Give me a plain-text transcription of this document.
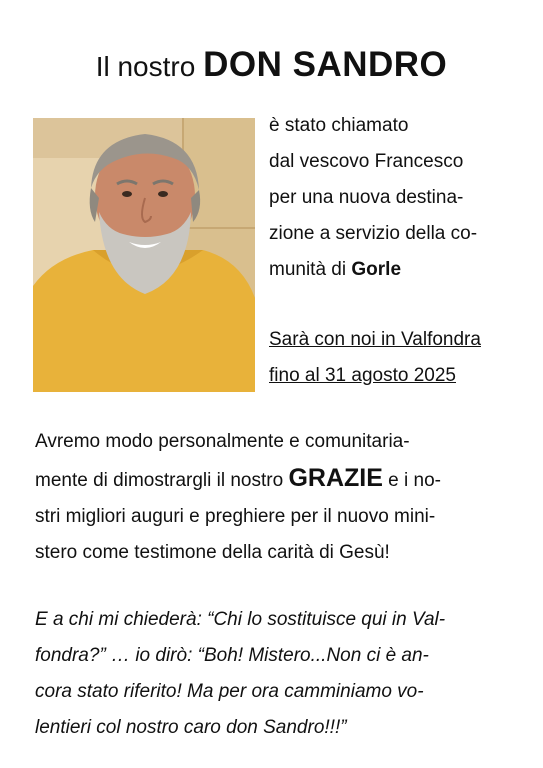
Il nostro DON SANDRO
è stato chiamato
dal vescovo Francesco
per una nuova destina-
zione a servizio della co-
munità di Gorle
Sarà con noi in Valfondra
fino al 31 agosto 2025
Avremo modo personalmente e comunitaria-
mente di dimostrargli il nostro GRAZIE e i no-
stri migliori auguri e preghiere per il nuovo mini-
stero come testimone della carità di Gesù!
E a chi mi chiederà: “Chi lo sostituisce qui in Val-
fondra?” … io dirò: “Boh! Mistero...Non ci è an-
cora stato riferito! Ma per ora camminiamo vo-
lentieri col nostro caro don Sandro!!!”
